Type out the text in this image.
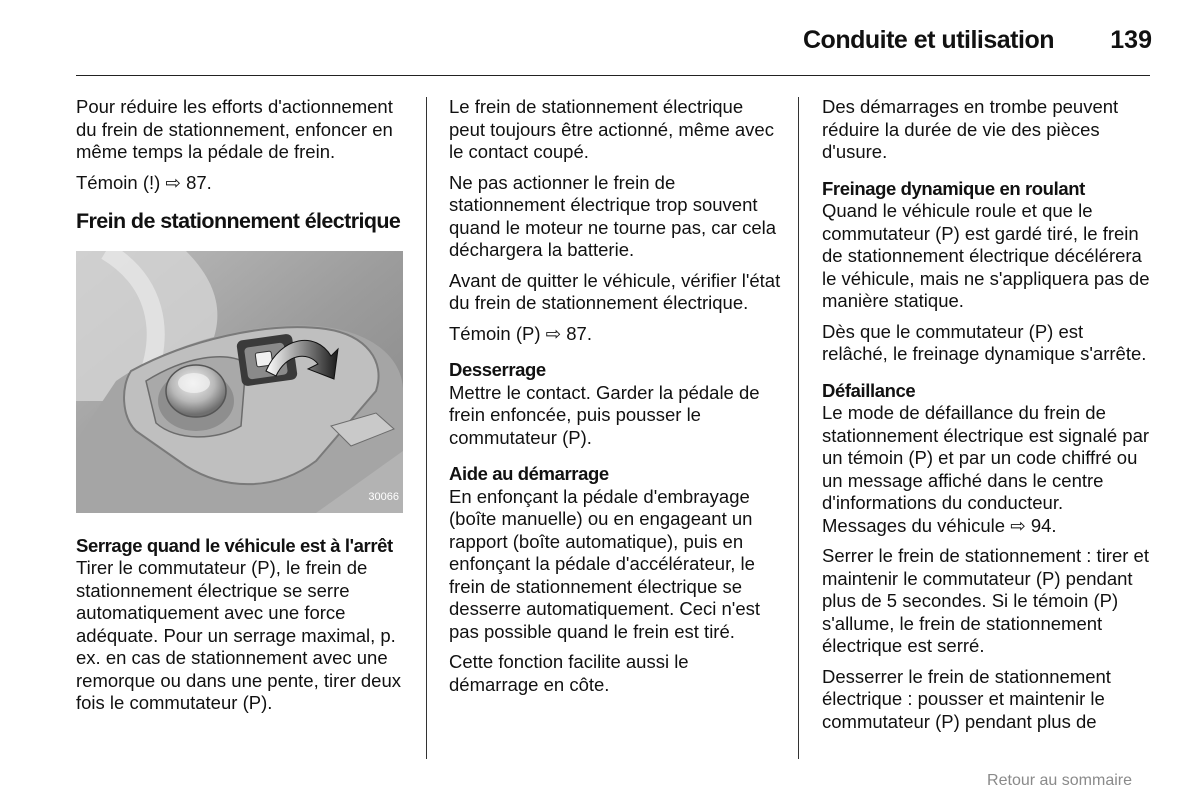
Conduite et utilisation 139

Pour réduire les efforts d'actionnement du frein de stationnement, enfoncer en même temps la pédale de frein.

Témoin (!) ⇨ 87.

Frein de stationnement électrique
30066
Serrage quand le véhicule est à l'arrêt

Tirer le commutateur (P), le frein de stationnement électrique se serre automatiquement avec une force adéquate. Pour un serrage maximal, p. ex. en cas de stationnement avec une remorque ou dans une pente, tirer deux fois le commutateur (P).

Le frein de stationnement électrique peut toujours être actionné, même avec le contact coupé.

Ne pas actionner le frein de stationnement électrique trop souvent quand le moteur ne tourne pas, car cela déchargera la batterie.

Avant de quitter le véhicule, vérifier l'état du frein de stationnement électrique.

Témoin (P) ⇨ 87.

Desserrage

Mettre le contact. Garder la pédale de frein enfoncée, puis pousser le commutateur (P).

Aide au démarrage

En enfonçant la pédale d'embrayage (boîte manuelle) ou en engageant un rapport (boîte automatique), puis en enfonçant la pédale d'accélérateur, le frein de stationnement électrique se desserre automatiquement. Ceci n'est pas possible quand le frein est tiré.

Cette fonction facilite aussi le démarrage en côte.

Des démarrages en trombe peuvent réduire la durée de vie des pièces d'usure.

Freinage dynamique en roulant

Quand le véhicule roule et que le commutateur (P) est gardé tiré, le frein de stationnement électrique décélérera le véhicule, mais ne s'appliquera pas de manière statique.

Dès que le commutateur (P) est relâché, le freinage dynamique s'arrête.

Défaillance

Le mode de défaillance du frein de stationnement électrique est signalé par un témoin (P) et par un code chiffré ou un message affiché dans le centre d'informations du conducteur. Messages du véhicule ⇨ 94.

Serrer le frein de stationnement : tirer et maintenir le commutateur (P) pendant plus de 5 secondes. Si le témoin (P) s'allume, le frein de stationnement électrique est serré.

Desserrer le frein de stationnement électrique : pousser et maintenir le commutateur (P) pendant plus de

Retour au sommaire
